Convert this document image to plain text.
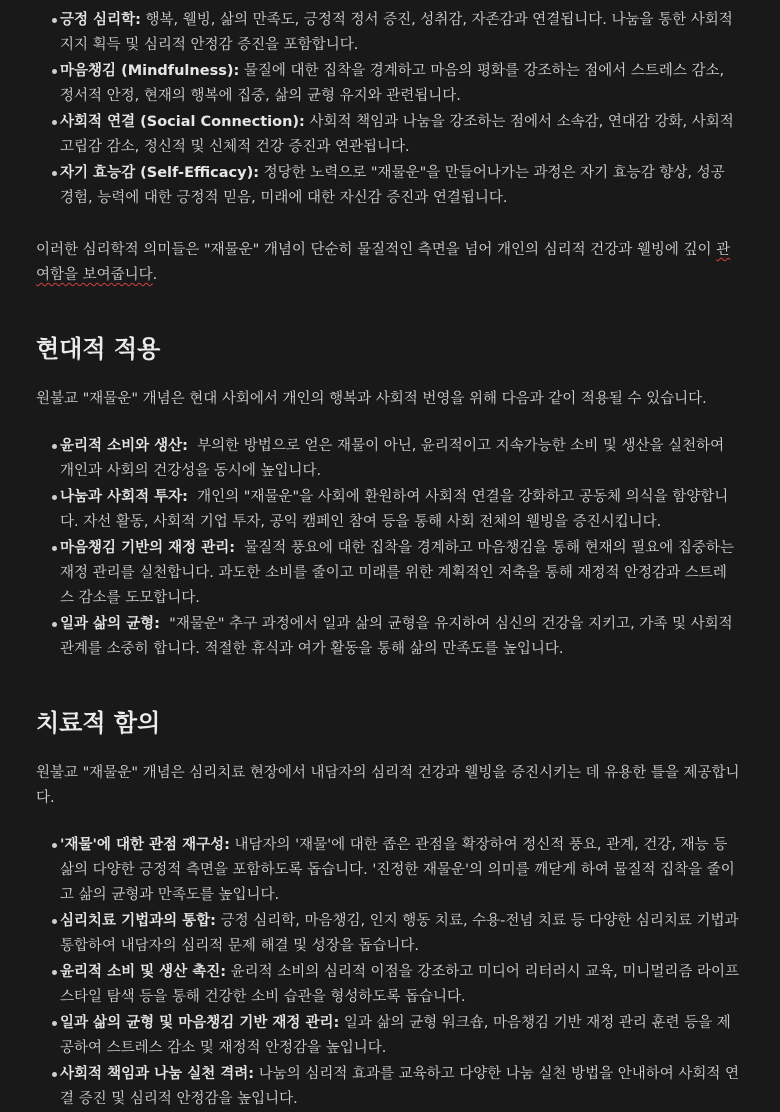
긍정 심리학: 행복, 웰빙, 삶의 만족도, 긍정적 정서 증진, 성취감, 자존감과 연결됩니다. 나눔을 통한 사회적 지지 획득 및 심리적 안정감 증진을 포함합니다.
마음챙김 (Mindfulness): 물질에 대한 집착을 경계하고 마음의 평화를 강조하는 점에서 스트레스 감소, 정서적 안정, 현재의 행복에 집중, 삶의 균형 유지와 관련됩니다.
사회적 연결 (Social Connection): 사회적 책임과 나눔을 강조하는 점에서 소속감, 연대감 강화, 사회적 고립감 감소, 정신적 및 신체적 건강 증진과 연관됩니다.
자기 효능감 (Self-Efficacy): 정당한 노력으로 "재물운"을 만들어나가는 과정은 자기 효능감 향상, 성공 경험, 능력에 대한 긍정적 믿음, 미래에 대한 자신감 증진과 연결됩니다.

이러한 심리학적 의미들은 "재물운" 개념이 단순히 물질적인 측면을 넘어 개인의 심리적 건강과 웰빙에 깊이 관여함을 보여줍니다.

현대적 적용

원불교 "재물운" 개념은 현대 사회에서 개인의 행복과 사회적 번영을 위해 다음과 같이 적용될 수 있습니다.

윤리적 소비와 생산: 부의한 방법으로 얻은 재물이 아닌, 윤리적이고 지속가능한 소비 및 생산을 실천하여 개인과 사회의 건강성을 동시에 높입니다.
나눔과 사회적 투자: 개인의 "재물운"을 사회에 환원하여 사회적 연결을 강화하고 공동체 의식을 함양합니다. 자선 활동, 사회적 기업 투자, 공익 캠페인 참여 등을 통해 사회 전체의 웰빙을 증진시킵니다.
마음챙김 기반의 재정 관리: 물질적 풍요에 대한 집착을 경계하고 마음챙김을 통해 현재의 필요에 집중하는 재정 관리를 실천합니다. 과도한 소비를 줄이고 미래를 위한 계획적인 저축을 통해 재정적 안정감과 스트레스 감소를 도모합니다.
일과 삶의 균형: "재물운" 추구 과정에서 일과 삶의 균형을 유지하여 심신의 건강을 지키고, 가족 및 사회적 관계를 소중히 합니다. 적절한 휴식과 여가 활동을 통해 삶의 만족도를 높입니다.
치료적 함의

원불교 "재물운" 개념은 심리치료 현장에서 내담자의 심리적 건강과 웰빙을 증진시키는 데 유용한 틀을 제공합니다.

'재물'에 대한 관점 재구성: 내담자의 '재물'에 대한 좁은 관점을 확장하여 정신적 풍요, 관계, 건강, 재능 등 삶의 다양한 긍정적 측면을 포함하도록 돕습니다. '진정한 재물운'의 의미를 깨닫게 하여 물질적 집착을 줄이고 삶의 균형과 만족도를 높입니다.
심리치료 기법과의 통합: 긍정 심리학, 마음챙김, 인지 행동 치료, 수용-전념 치료 등 다양한 심리치료 기법과 통합하여 내담자의 심리적 문제 해결 및 성장을 돕습니다.
윤리적 소비 및 생산 촉진: 윤리적 소비의 심리적 이점을 강조하고 미디어 리터러시 교육, 미니멀리즘 라이프스타일 탐색 등을 통해 건강한 소비 습관을 형성하도록 돕습니다.
일과 삶의 균형 및 마음챙김 기반 재정 관리: 일과 삶의 균형 워크숍, 마음챙김 기반 재정 관리 훈련 등을 제공하여 스트레스 감소 및 재정적 안정감을 높입니다.
사회적 책임과 나눔 실천 격려: 나눔의 심리적 효과를 교육하고 다양한 나눔 실천 방법을 안내하여 사회적 연결 증진 및 심리적 안정감을 높입니다.
